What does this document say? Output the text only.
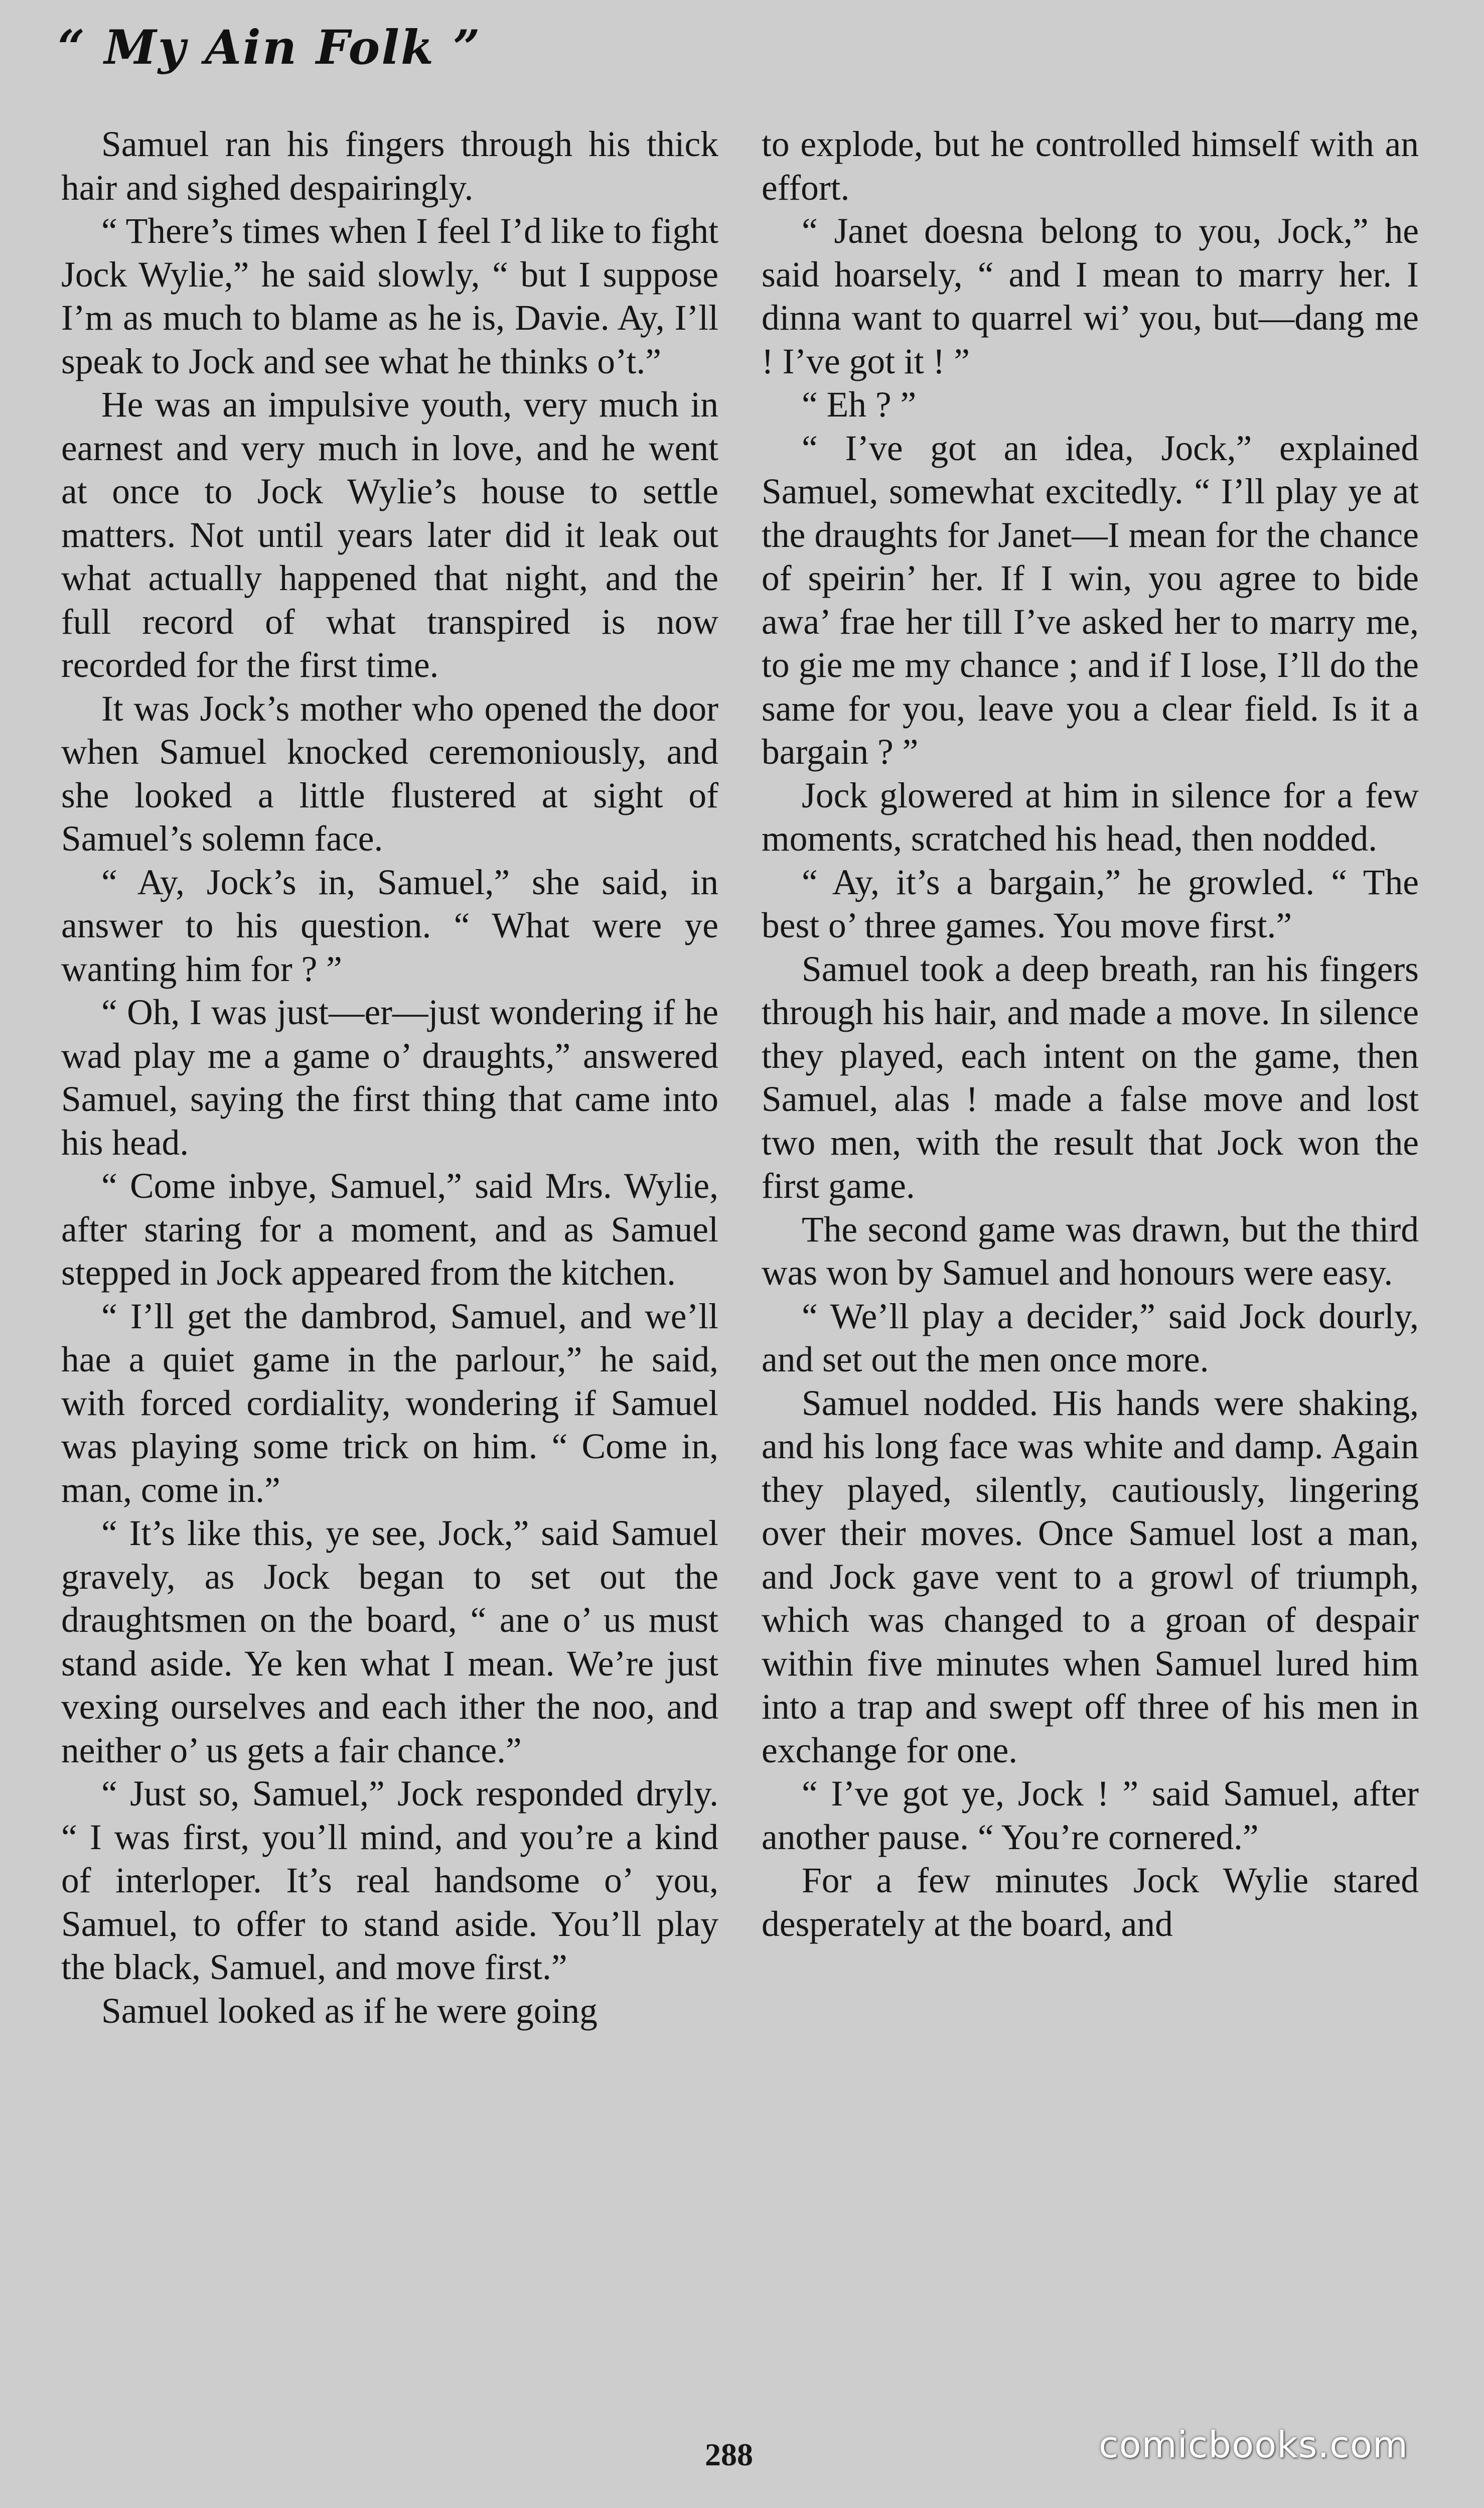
“ My Ain Folk ”

Samuel ran his fingers through his thick hair and sighed despairingly.

“ There’s times when I feel I’d like to fight Jock Wylie,” he said slowly, “ but I suppose I’m as much to blame as he is, Davie. Ay, I’ll speak to Jock and see what he thinks o’t.”

He was an impulsive youth, very much in earnest and very much in love, and he went at once to Jock Wylie’s house to settle matters. Not until years later did it leak out what actually happened that night, and the full record of what transpired is now recorded for the first time.

It was Jock’s mother who opened the door when Samuel knocked ceremoniously, and she looked a little flustered at sight of Samuel’s solemn face.

“ Ay, Jock’s in, Samuel,” she said, in answer to his question. “ What were ye wanting him for ? ”

“ Oh, I was just—er—just wondering if he wad play me a game o’ draughts,” answered Samuel, saying the first thing that came into his head.

“ Come inbye, Samuel,” said Mrs. Wylie, after staring for a moment, and as Samuel stepped in Jock appeared from the kitchen.

“ I’ll get the dambrod, Samuel, and we’ll hae a quiet game in the parlour,” he said, with forced cordiality, wondering if Samuel was playing some trick on him. “ Come in, man, come in.”

“ It’s like this, ye see, Jock,” said Samuel gravely, as Jock began to set out the draughtsmen on the board, “ ane o’ us must stand aside. Ye ken what I mean. We’re just vexing ourselves and each ither the noo, and neither o’ us gets a fair chance.”

“ Just so, Samuel,” Jock responded dryly. “ I was first, you’ll mind, and you’re a kind of interloper. It’s real handsome o’ you, Samuel, to offer to stand aside. You’ll play the black, Samuel, and move first.”

Samuel looked as if he were going

to explode, but he controlled himself with an effort.

“ Janet doesna belong to you, Jock,” he said hoarsely, “ and I mean to marry her. I dinna want to quarrel wi’ you, but—dang me ! I’ve got it ! ”

“ Eh ? ”

“ I’ve got an idea, Jock,” explained Samuel, somewhat excitedly. “ I’ll play ye at the draughts for Janet—I mean for the chance of speirin’ her. If I win, you agree to bide awa’ frae her till I’ve asked her to marry me, to gie me my chance ; and if I lose, I’ll do the same for you, leave you a clear field. Is it a bargain ? ”

Jock glowered at him in silence for a few moments, scratched his head, then nodded.

“ Ay, it’s a bargain,” he growled. “ The best o’ three games. You move first.”

Samuel took a deep breath, ran his fingers through his hair, and made a move. In silence they played, each intent on the game, then Samuel, alas ! made a false move and lost two men, with the result that Jock won the first game.

The second game was drawn, but the third was won by Samuel and honours were easy.

“ We’ll play a decider,” said Jock dourly, and set out the men once more.

Samuel nodded. His hands were shaking, and his long face was white and damp. Again they played, silently, cautiously, lingering over their moves. Once Samuel lost a man, and Jock gave vent to a growl of triumph, which was changed to a groan of despair within five minutes when Samuel lured him into a trap and swept off three of his men in exchange for one.

“ I’ve got ye, Jock ! ” said Samuel, after another pause. “ You’re cornered.”

For a few minutes Jock Wylie stared desperately at the board, and

288	comicbooks.com
